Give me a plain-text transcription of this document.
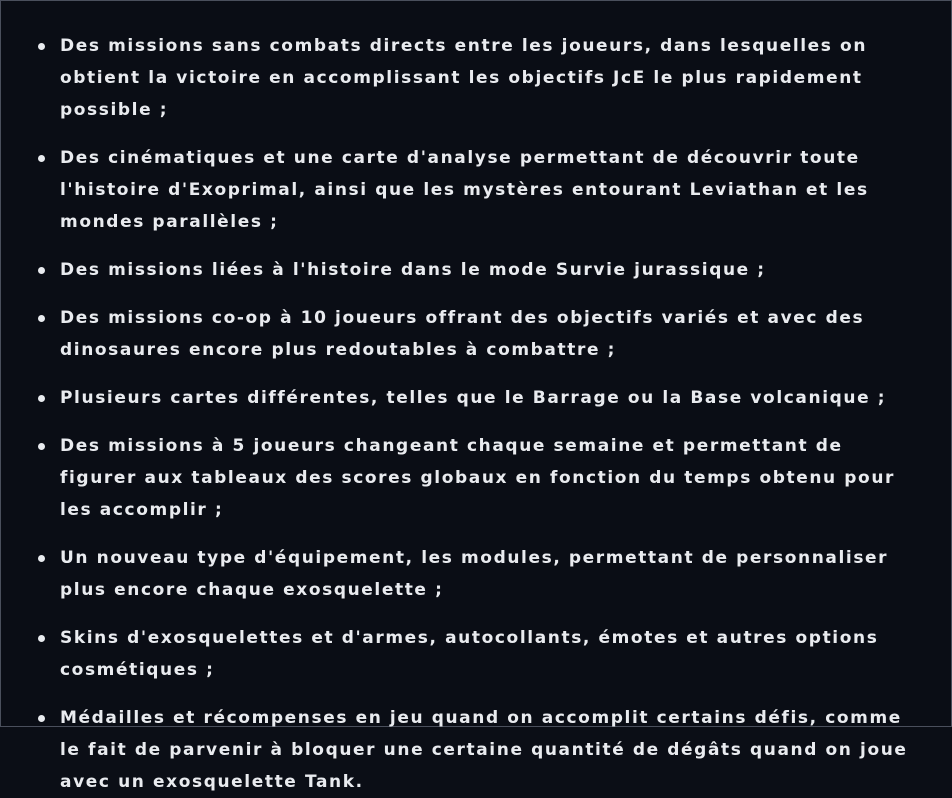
Des missions sans combats directs entre les joueurs, dans lesquelles on obtient la victoire en accomplissant les objectifs JcE le plus rapidement possible ;
Des cinématiques et une carte d'analyse permettant de découvrir toute l'histoire d'Exoprimal, ainsi que les mystères entourant Leviathan et les mondes parallèles ;
Des missions liées à l'histoire dans le mode Survie jurassique ;
Des missions co-op à 10 joueurs offrant des objectifs variés et avec des dinosaures encore plus redoutables à combattre ;
Plusieurs cartes différentes, telles que le Barrage ou la Base volcanique ;
Des missions à 5 joueurs changeant chaque semaine et permettant de figurer aux tableaux des scores globaux en fonction du temps obtenu pour les accomplir ;
Un nouveau type d'équipement, les modules, permettant de personnaliser plus encore chaque exosquelette ;
Skins d'exosquelettes et d'armes, autocollants, émotes et autres options cosmétiques ;
Médailles et récompenses en jeu quand on accomplit certains défis, comme le fait de parvenir à bloquer une certaine quantité de dégâts quand on joue avec un exosquelette Tank.
